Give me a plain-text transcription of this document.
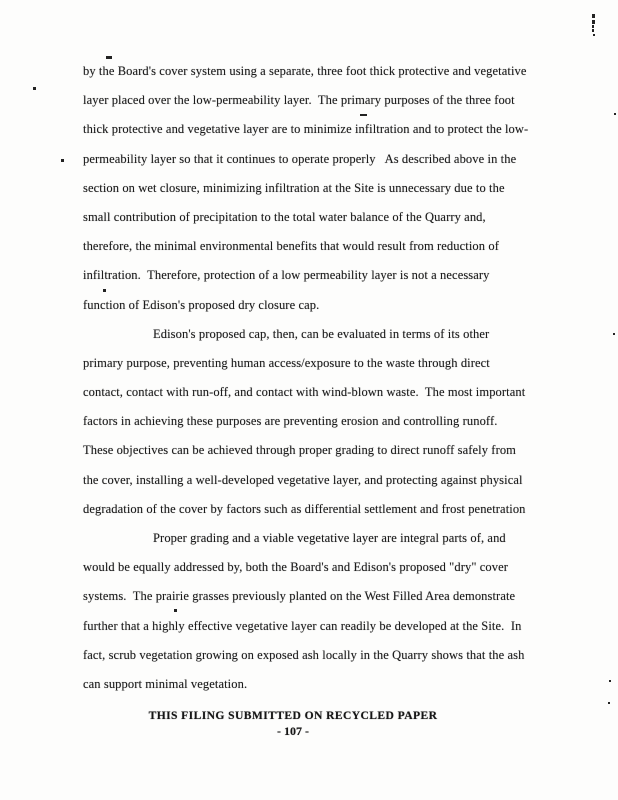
by the Board's cover system using a separate, three foot thick protective and vegetative
layer placed over the low-permeability layer.  The primary purposes of the three foot
thick protective and vegetative layer are to minimize infiltration and to protect the low-
permeability layer so that it continues to operate properly   As described above in the
section on wet closure, minimizing infiltration at the Site is unnecessary due to the
small contribution of precipitation to the total water balance of the Quarry and,
therefore, the minimal environmental benefits that would result from reduction of
infiltration.  Therefore, protection of a low permeability layer is not a necessary
function of Edison's proposed dry closure cap.
Edison's proposed cap, then, can be evaluated in terms of its other
primary purpose, preventing human access/exposure to the waste through direct
contact, contact with run-off, and contact with wind-blown waste.  The most important
factors in achieving these purposes are preventing erosion and controlling runoff.
These objectives can be achieved through proper grading to direct runoff safely from
the cover, installing a well-developed vegetative layer, and protecting against physical
degradation of the cover by factors such as differential settlement and frost penetration
Proper grading and a viable vegetative layer are integral parts of, and
would be equally addressed by, both the Board's and Edison's proposed "dry" cover
systems.  The prairie grasses previously planted on the West Filled Area demonstrate
further that a highly effective vegetative layer can readily be developed at the Site.  In
fact, scrub vegetation growing on exposed ash locally in the Quarry shows that the ash
can support minimal vegetation.
THIS FILING SUBMITTED ON RECYCLED PAPER
- 107 -
